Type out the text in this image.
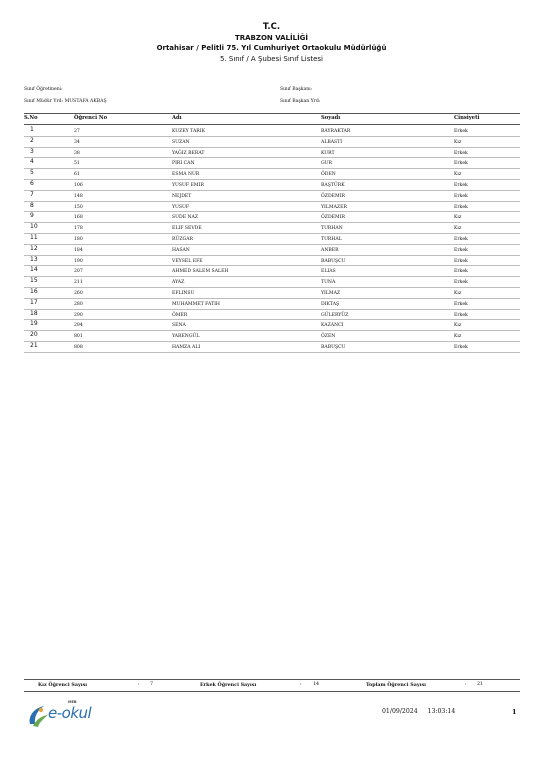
T.C.
TRABZON VALİLİĞİ
Ortahisar / Pelitli 75. Yıl Cumhuriyet Ortaokulu Müdürlüğü
5. Sınıf / A Şubesi Sınıf Listesi
Sınıf Öğretmeni:
Sınıf Müdür Yrd: MUSTAFA AKBAŞ
Sınıf Başkanı:
Sınıf Başkan Yrd:
S.No	Öğrenci No	Adı	Soyadı	Cinsiyeti
1	27	KUZEY TARIK	BAYRAKTAR	Erkek
2	34	SUZAN	ALBASTI	Kız
3	38	YAĞIZ BERAT	KURT	Erkek
4	51	PIRI CAN	GUR	Erkek
5	61	ESMA NUR	ÖDEN	Kız
6	106	YUSUF EMIR	BAŞTÜRK	Erkek
7	148	NEJDET	ÖZDEMIR	Erkek
8	150	YUSUF	YILMAZER	Erkek
9	168	SUDE NAZ	ÖZDEMIR	Kız
10	178	ELIF SEVDE	TURHAN	Kız
11	180	RÜZGAR	TURHAL	Erkek
12	184	HASAN	ANBER	Erkek
13	190	VEYSEL EFE	BABUŞCU	Erkek
14	207	AHMED SALEM SALEH	ELIAS	Erkek
15	211	AYAZ	TUNA	Erkek
16	260	EFLINSU	YILMAZ	Kız
17	280	MUHAMMET FATIH	DIKTAŞ	Erkek
18	290	ÖMER	GÜLERYÜZ	Erkek
19	294	SENA	KAZANCI	Kız
20	801	YARENGÜL	ÖZEN	Kız
21	808	HAMZA ALI	BABUŞCU	Erkek
Kız Öğrenci Sayısı	: 7	Erkek Öğrenci Sayısı	: 14	Toplam Öğrenci Sayısı	: 21
MEB
e-okul	01/09/2024 13:03:14	1
